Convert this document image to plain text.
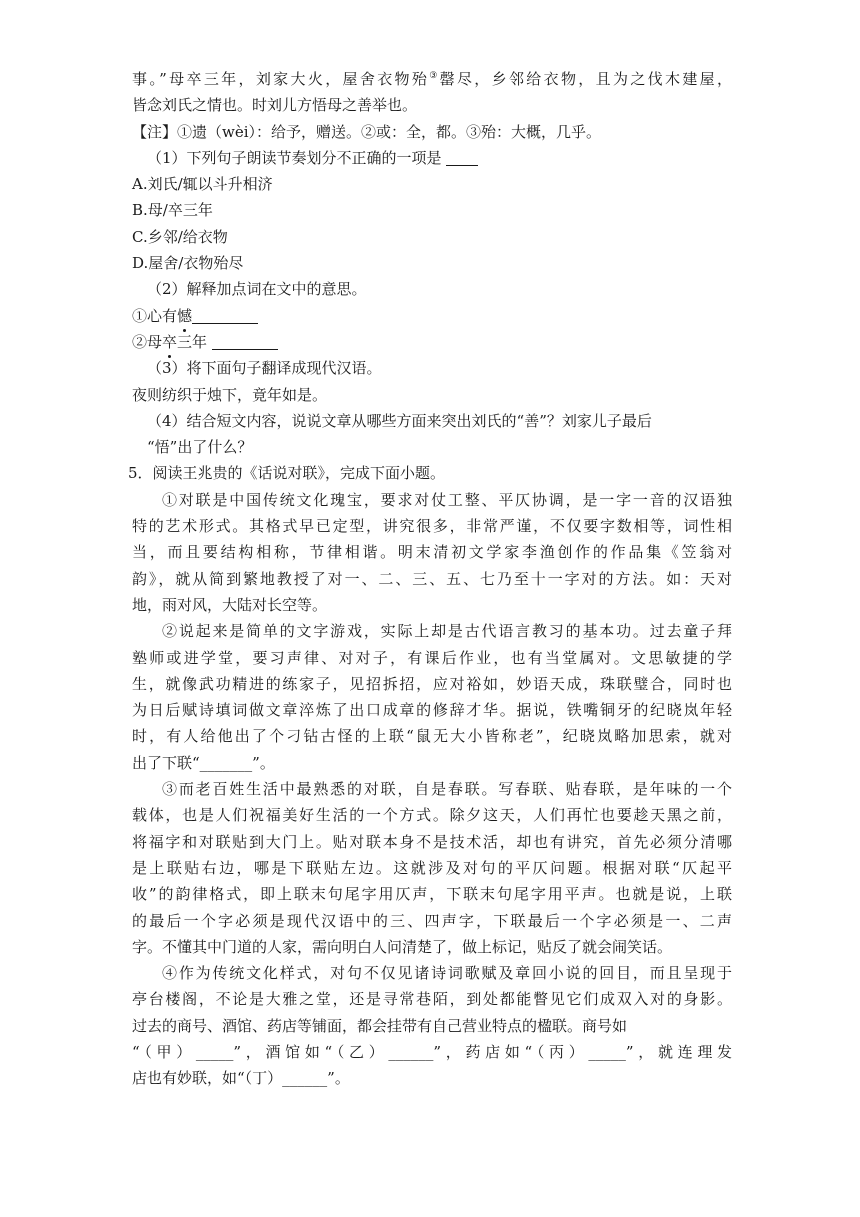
事。”母卒三年，刘家大火，屋舍衣物殆③罄尽，乡邻给衣物，且为之伐木建屋，

皆念刘氏之情也。时刘儿方悟母之善举也。

【注】①遗（wèi）：给予，赠送。②或：全，都。③殆：大概，几乎。

（1）下列句子朗读节奏划分不正确的一项是

A.刘氏/辄以斗升相济

B.母/卒三年

C.乡邻/给衣物

D.屋舍/衣物殆尽

（2）解释加点词在文中的意思。

①心有憾

②母卒三年

（3）将下面句子翻译成现代汉语。

夜则纺织于烛下，竟年如是。

（4）结合短文内容，说说文章从哪些方面来突出刘氏的“善”？刘家儿子最后

“悟”出了什么？

5．阅读王兆贵的《话说对联》，完成下面小题。

①对联是中国传统文化瑰宝，要求对仗工整、平仄协调，是一字一音的汉语独

特的艺术形式。其格式早已定型，讲究很多，非常严谨，不仅要字数相等，词性相

当，而且要结构相称，节律相谐。明末清初文学家李渔创作的作品集《笠翁对

韵》，就从简到繁地教授了对一、二、三、五、七乃至十一字对的方法。如：天对

地，雨对风，大陆对长空等。

②说起来是简单的文字游戏，实际上却是古代语言教习的基本功。过去童子拜

塾师或进学堂，要习声律、对对子，有课后作业，也有当堂属对。文思敏捷的学

生，就像武功精进的练家子，见招拆招，应对裕如，妙语天成，珠联璧合，同时也

为日后赋诗填词做文章淬炼了出口成章的修辞才华。据说，铁嘴铜牙的纪晓岚年轻

时，有人给他出了个刁钻古怪的上联“鼠无大小皆称老”，纪晓岚略加思索，就对

出了下联“_______”。

③而老百姓生活中最熟悉的对联，自是春联。写春联、贴春联，是年味的一个

载体，也是人们祝福美好生活的一个方式。除夕这天，人们再忙也要趁天黑之前，

将福字和对联贴到大门上。贴对联本身不是技术活，却也有讲究，首先必须分清哪

是上联贴右边，哪是下联贴左边。这就涉及对句的平仄问题。根据对联“仄起平

收”的韵律格式，即上联末句尾字用仄声，下联末句尾字用平声。也就是说，上联

的最后一个字必须是现代汉语中的三、四声字，下联最后一个字必须是一、二声

字。不懂其中门道的人家，需向明白人问清楚了，做上标记，贴反了就会闹笑话。

④作为传统文化样式，对句不仅见诸诗词歌赋及章回小说的回目，而且呈现于

亭台楼阁，不论是大雅之堂，还是寻常巷陌，到处都能瞥见它们成双入对的身影。

过去的商号、酒馆、药店等铺面，都会挂带有自己营业特点的楹联。商号如

“（甲）_____”，酒馆如“（乙）______”，药店如“（丙）_____”，就连理发

店也有妙联，如“（丁）______”。
